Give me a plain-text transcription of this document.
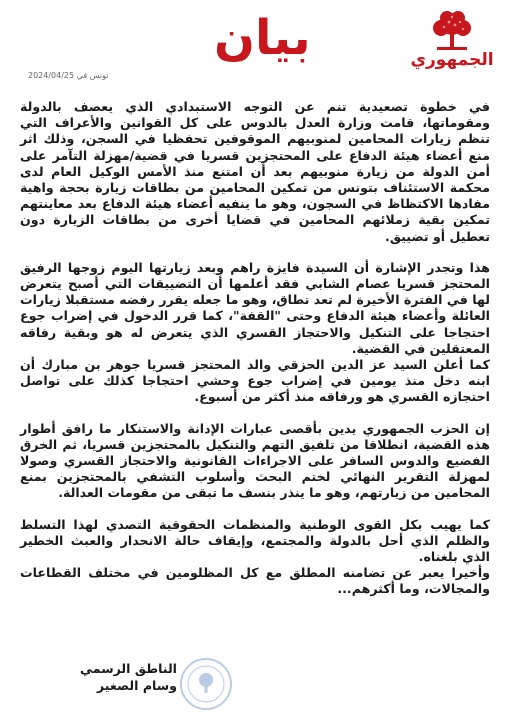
الجمهوري
بيان
تونس في 2024/04/25

في خطوة تصعيدية تنم عن التوجه الاستبدادي الذي يعصف بالدولة ومقوماتها، قامت وزارة العدل بالدوس على كل القوانين والأعراف التي تنظم زيارات المحامين لمنوبيهم الموقوفين تحفظيا في السجن، وذلك اثر منع أعضاء هيئة الدفاع على المحتجزين قسريا في قضية/مهزلة التآمر على أمن الدولة من زيارة منوبيهم بعد أن امتنع منذ الأمس الوكيل العام لدى محكمة الاستئناف بتونس من تمكين المحامين من بطاقات زيارة بحجة واهية مفادها الاكتظاظ في السجون، وهو ما ينفيه أعضاء هيئة الدفاع بعد معاينتهم تمكين بقية زملائهم المحامين في قضايا أخرى من بطاقات الزيارة دون تعطيل أو تضييق.

هذا وتجدر الإشارة أن السيدة فايزة راهم وبعد زيارتها اليوم زوجها الرفيق المحتجز قسريا عصام الشابي فقد أعلمها أن التضييقات التي أصبح يتعرض لها في الفترة الأخيرة لم تعد تطاق، وهو ما جعله يقرر رفضه مستقبلا زيارات العائلة وأعضاء هيئة الدفاع وحتى "القفة"، كما قرر الدخول في إضراب جوع احتجاجا على التنكيل والاحتجاز القسري الذي يتعرض له هو وبقية رفاقه المعتقلين في القضية.

كما أعلن السيد عز الدين الحزقي والد المحتجز قسريا جوهر بن مبارك أن ابنه دخل منذ يومين في إضراب جوع وحشي احتجاجا كذلك على تواصل احتجازه القسري هو ورفاقه منذ أكثر من أسبوع.

إن الحزب الجمهوري يدين بأقصى عبارات الإدانة والاستنكار ما رافق أطوار هذه القضية، انطلاقا من تلفيق التهم والتنكيل بالمحتجزين قسريا، ثم الخرق الفضيع والدوس السافر على الاجراءات القانونية والاحتجاز القسري وصولا لمهزلة التقرير النهائي لختم البحث وأسلوب التشفي بالمحتجزين بمنع المحامين من زيارتهم، وهو ما ينذر بنسف ما تبقى من مقومات العدالة.

كما يهيب بكل القوى الوطنية والمنظمات الحقوقية التصدي لهذا التسلط والظلم الذي أحل بالدولة والمجتمع، وإيقاف حالة الانحدار والعبث الخطير الذي بلغناه.

وأخيرا يعبر عن تضامنه المطلق مع كل المظلومين في مختلف القطاعات والمجالات، وما أكثرهم...

الناطق الرسمي
وسام الصغير
